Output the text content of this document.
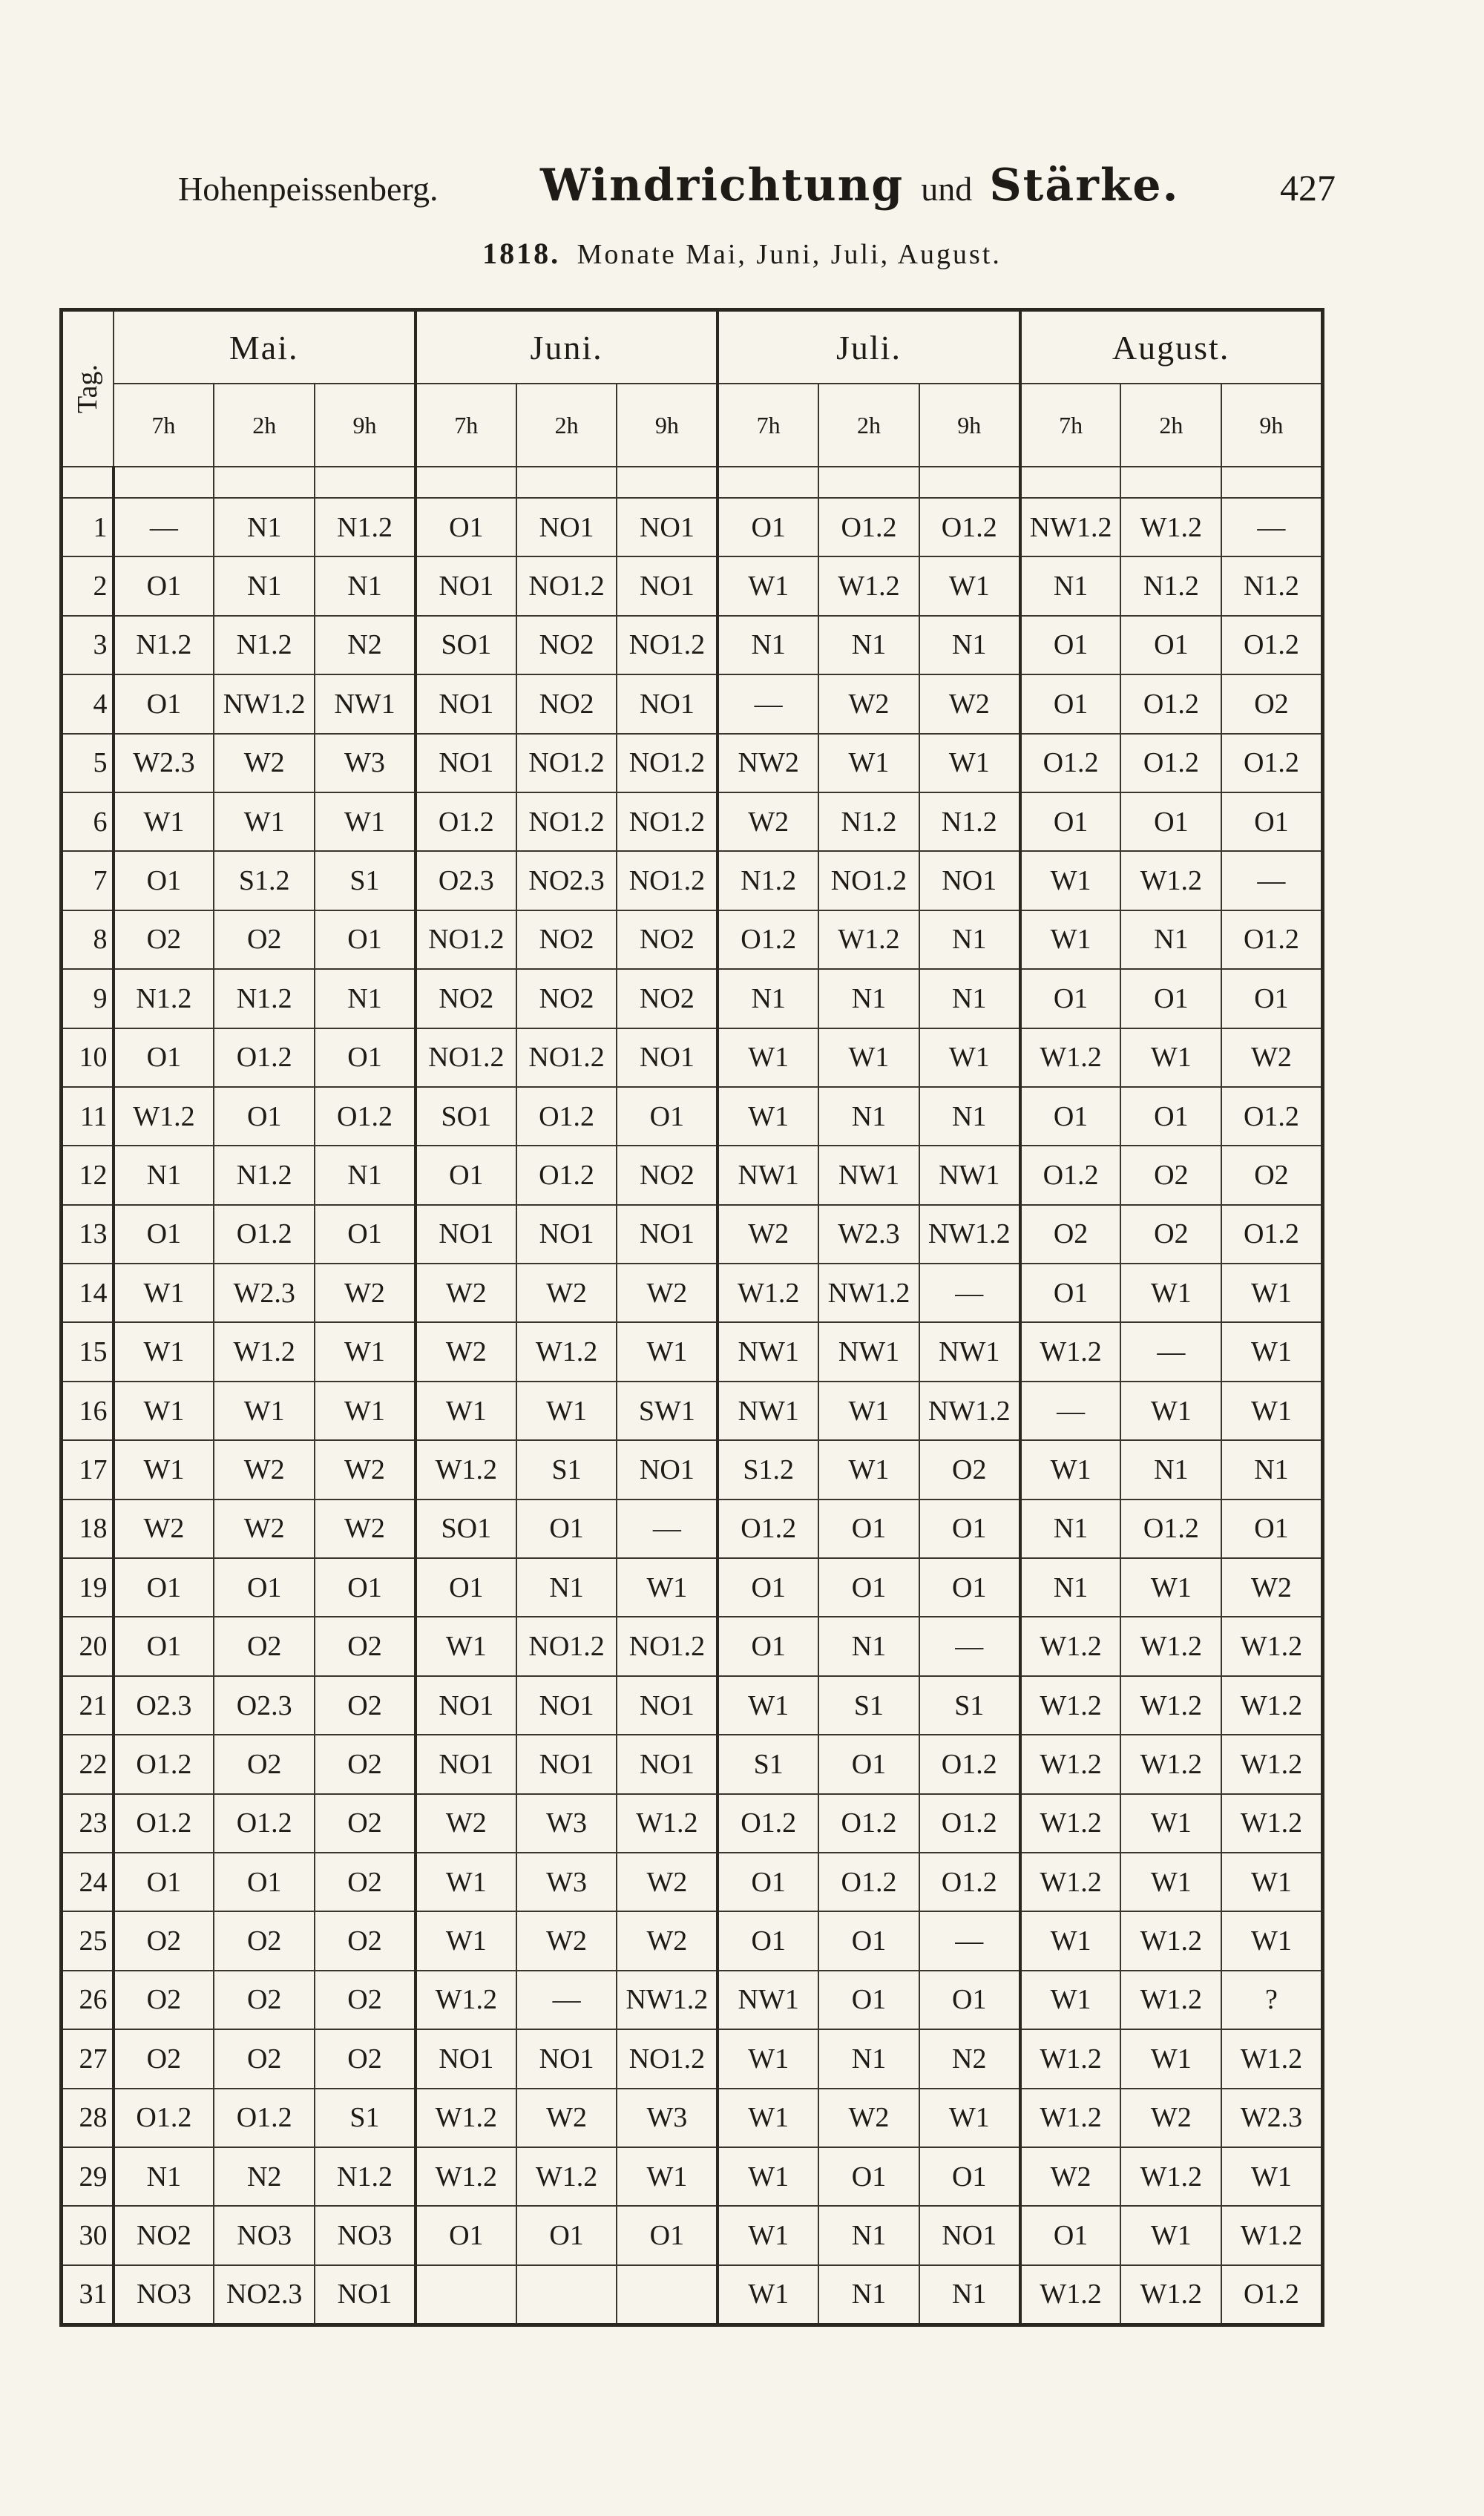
Hohenpeissenberg.	Windrichtung und Stärke.	427
1818. Monate Mai, Juni, Juli, August.
Tag.	Mai.			Juni.			Juli.			August.		
	7h	2h	9h	7h	2h	9h	7h	2h	9h	7h	2h	9h

1	—	N1	N1.2	O1	NO1	NO1	O1	O1.2	O1.2	NW1.2	W1.2	—
2	O1	N1	N1	NO1	NO1.2	NO1	W1	W1.2	W1	N1	N1.2	N1.2
3	N1.2	N1.2	N2	SO1	NO2	NO1.2	N1	N1	N1	O1	O1	O1.2
4	O1	NW1.2	NW1	NO1	NO2	NO1	—	W2	W2	O1	O1.2	O2
5	W2.3	W2	W3	NO1	NO1.2	NO1.2	NW2	W1	W1	O1.2	O1.2	O1.2
6	W1	W1	W1	O1.2	NO1.2	NO1.2	W2	N1.2	N1.2	O1	O1	O1
7	O1	S1.2	S1	O2.3	NO2.3	NO1.2	N1.2	NO1.2	NO1	W1	W1.2	—
8	O2	O2	O1	NO1.2	NO2	NO2	O1.2	W1.2	N1	W1	N1	O1.2
9	N1.2	N1.2	N1	NO2	NO2	NO2	N1	N1	N1	O1	O1	O1
10	O1	O1.2	O1	NO1.2	NO1.2	NO1	W1	W1	W1	W1.2	W1	W2
11	W1.2	O1	O1.2	SO1	O1.2	O1	W1	N1	N1	O1	O1	O1.2
12	N1	N1.2	N1	O1	O1.2	NO2	NW1	NW1	NW1	O1.2	O2	O2
13	O1	O1.2	O1	NO1	NO1	NO1	W2	W2.3	NW1.2	O2	O2	O1.2
14	W1	W2.3	W2	W2	W2	W2	W1.2	NW1.2	—	O1	W1	W1
15	W1	W1.2	W1	W2	W1.2	W1	NW1	NW1	NW1	W1.2	—	W1
16	W1	W1	W1	W1	W1	SW1	NW1	W1	NW1.2	—	W1	W1
17	W1	W2	W2	W1.2	S1	NO1	S1.2	W1	O2	W1	N1	N1
18	W2	W2	W2	SO1	O1	—	O1.2	O1	O1	N1	O1.2	O1
19	O1	O1	O1	O1	N1	W1	O1	O1	O1	N1	W1	W2
20	O1	O2	O2	W1	NO1.2	NO1.2	O1	N1	—	W1.2	W1.2	W1.2
21	O2.3	O2.3	O2	NO1	NO1	NO1	W1	S1	S1	W1.2	W1.2	W1.2
22	O1.2	O2	O2	NO1	NO1	NO1	S1	O1	O1.2	W1.2	W1.2	W1.2
23	O1.2	O1.2	O2	W2	W3	W1.2	O1.2	O1.2	O1.2	W1.2	W1	W1.2
24	O1	O1	O2	W1	W3	W2	O1	O1.2	O1.2	W1.2	W1	W1
25	O2	O2	O2	W1	W2	W2	O1	O1	—	W1	W1.2	W1
26	O2	O2	O2	W1.2	—	NW1.2	NW1	O1	O1	W1	W1.2	?
27	O2	O2	O2	NO1	NO1	NO1.2	W1	N1	N2	W1.2	W1	W1.2
28	O1.2	O1.2	S1	W1.2	W2	W3	W1	W2	W1	W1.2	W2	W2.3
29	N1	N2	N1.2	W1.2	W1.2	W1	W1	O1	O1	W2	W1.2	W1
30	NO2	NO3	NO3	O1	O1	O1	W1	N1	NO1	O1	W1	W1.2
31	NO3	NO2.3	NO1				W1	N1	N1	W1.2	W1.2	O1.2
